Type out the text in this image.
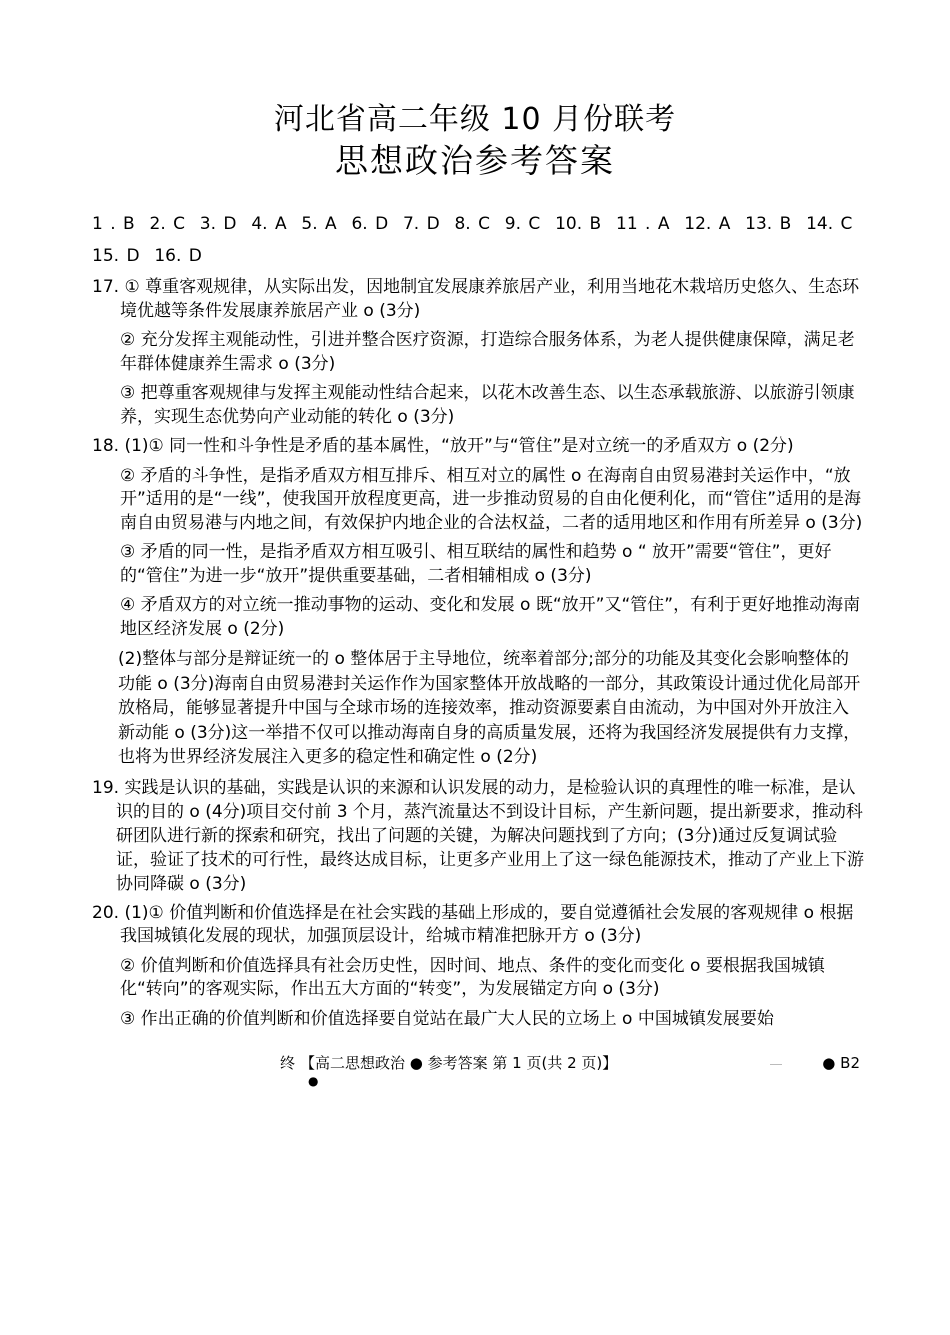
河北省高二年级 10 月份联考
思想政治参考答案
1 . B  2. C  3. D  4. A  5. A  6. D  7. D  8. C  9. C  10. B  11 . A  12. A  13. B  14. C
15. D  16. D

17. ① 尊重客观规律，从实际出发，因地制宜发展康养旅居产业，利用当地花木栽培历史悠久、生态环境优越等条件发展康养旅居产业 o (3分)

② 充分发挥主观能动性，引进并整合医疗资源，打造综合服务体系，为老人提供健康保障，满足老年群体健康养生需求 o (3分)

③ 把尊重客观规律与发挥主观能动性结合起来，以花木改善生态、以生态承载旅游、以旅游引领康养，实现生态优势向产业动能的转化 o (3分)

18. (1)① 同一性和斗争性是矛盾的基本属性，“放开”与“管住”是对立统一的矛盾双方 o (2分)

② 矛盾的斗争性，是指矛盾双方相互排斥、相互对立的属性 o 在海南自由贸易港封关运作中，“放开”适用的是“一线”，使我国开放程度更高，进一步推动贸易的自由化便利化，而“管住”适用的是海南自由贸易港与内地之间，有效保护内地企业的合法权益，二者的适用地区和作用有所差异 o (3分)

③ 矛盾的同一性，是指矛盾双方相互吸引、相互联结的属性和趋势 o “ 放开”需要“管住”，更好的“管住”为进一步“放开”提供重要基础，二者相辅相成 o (3分)

④ 矛盾双方的对立统一推动事物的运动、变化和发展 o 既“放开”又“管住”，有利于更好地推动海南地区经济发展 o (2分)

(2)整体与部分是辩证统一的 o 整体居于主导地位，统率着部分;部分的功能及其变化会影响整体的功能 o (3分)海南自由贸易港封关运作作为国家整体开放战略的一部分，其政策设计通过优化局部开放格局，能够显著提升中国与全球市场的连接效率，推动资源要素自由流动，为中国对外开放注入新动能 o (3分)这一举措不仅可以推动海南自身的高质量发展，还将为我国经济发展提供有力支撑，也将为世界经济发展注入更多的稳定性和确定性 o (2分)

19. 实践是认识的基础，实践是认识的来源和认识发展的动力，是检验认识的真理性的唯一标准，是认识的目的 o (4分)项目交付前 3 个月，蒸汽流量达不到设计目标，产生新问题，提出新要求，推动科研团队进行新的探索和研究，找出了问题的关键，为解决问题找到了方向；(3分)通过反复调试验证，验证了技术的可行性，最终达成目标，让更多产业用上了这一绿色能源技术，推动了产业上下游协同降碳 o (3分)

20. (1)① 价值判断和价值选择是在社会实践的基础上形成的，要自觉遵循社会发展的客观规律 o 根据我国城镇化发展的现状，加强顶层设计，给城市精准把脉开方 o (3分)

② 价值判断和价值选择具有社会历史性，因时间、地点、条件的变化而变化 o 要根据我国城镇化“转向”的客观实际，作出五大方面的“转变”，为发展锚定方向 o (3分)

③ 作出正确的价值判断和价值选择要自觉站在最广大人民的立场上 o 中国城镇发展要始

终 【高二思想政治 ● 参考答案 第 1 页(共 2 页)】	● B2
●
